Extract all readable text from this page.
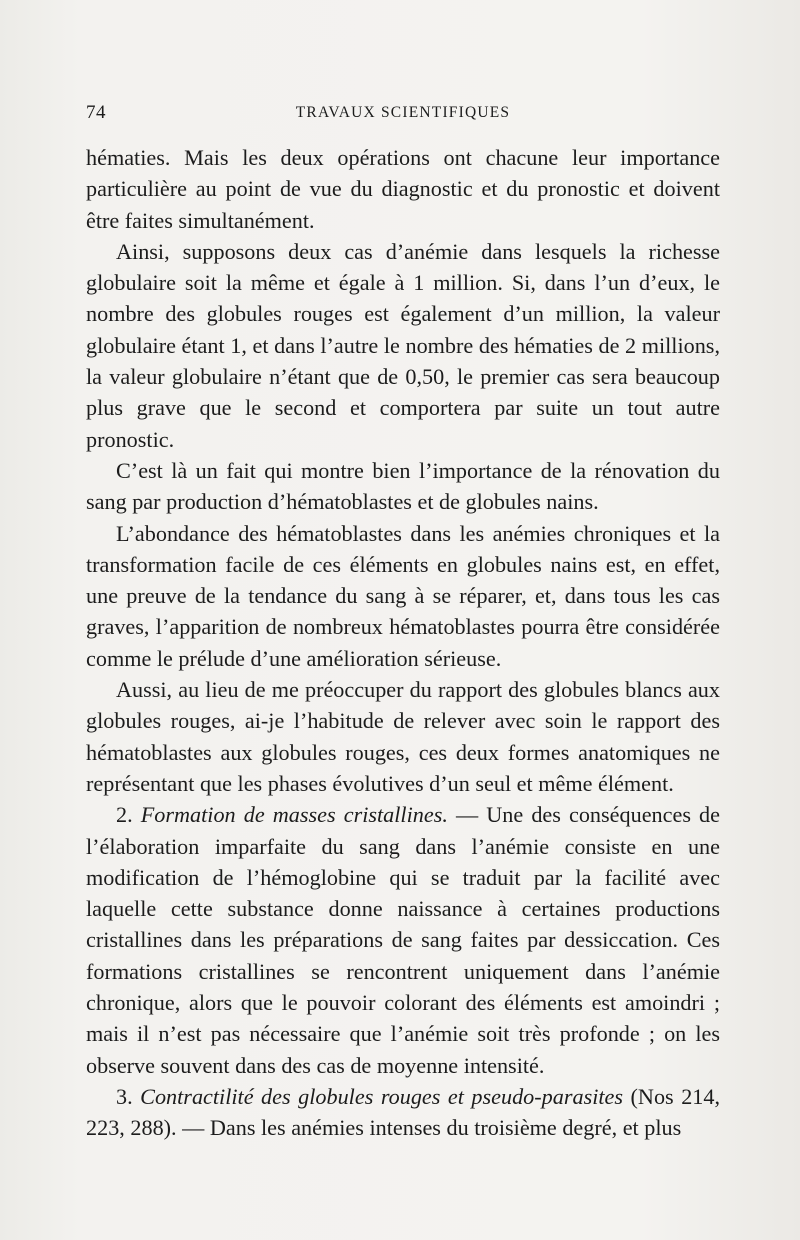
74	TRAVAUX SCIENTIFIQUES

hématies. Mais les deux opérations ont chacune leur importance particulière au point de vue du diagnostic et du pronostic et doivent être faites simultanément.

Ainsi, supposons deux cas d’anémie dans lesquels la richesse globulaire soit la même et égale à 1 million. Si, dans l’un d’eux, le nombre des globules rouges est également d’un million, la valeur globulaire étant 1, et dans l’autre le nombre des hématies de 2 millions, la valeur globulaire n’étant que de 0,50, le premier cas sera beaucoup plus grave que le second et comportera par suite un tout autre pronostic.

C’est là un fait qui montre bien l’importance de la rénovation du sang par production d’hématoblastes et de globules nains.

L’abondance des hématoblastes dans les anémies chroniques et la transformation facile de ces éléments en globules nains est, en effet, une preuve de la tendance du sang à se réparer, et, dans tous les cas graves, l’apparition de nombreux hématoblastes pourra être considérée comme le prélude d’une amélioration sérieuse.

Aussi, au lieu de me préoccuper du rapport des globules blancs aux globules rouges, ai-je l’habitude de relever avec soin le rapport des hématoblastes aux globules rouges, ces deux formes anatomiques ne représentant que les phases évolutives d’un seul et même élément.

2. Formation de masses cristallines. — Une des conséquences de l’élaboration imparfaite du sang dans l’anémie consiste en une modification de l’hémoglobine qui se traduit par la facilité avec laquelle cette substance donne naissance à certaines productions cristallines dans les préparations de sang faites par dessiccation. Ces formations cristallines se rencontrent uniquement dans l’anémie chronique, alors que le pouvoir colorant des éléments est amoindri ; mais il n’est pas nécessaire que l’anémie soit très profonde ; on les observe souvent dans des cas de moyenne intensité.

3. Contractilité des globules rouges et pseudo-parasites (Nos 214, 223, 288). — Dans les anémies intenses du troisième degré, et plus
